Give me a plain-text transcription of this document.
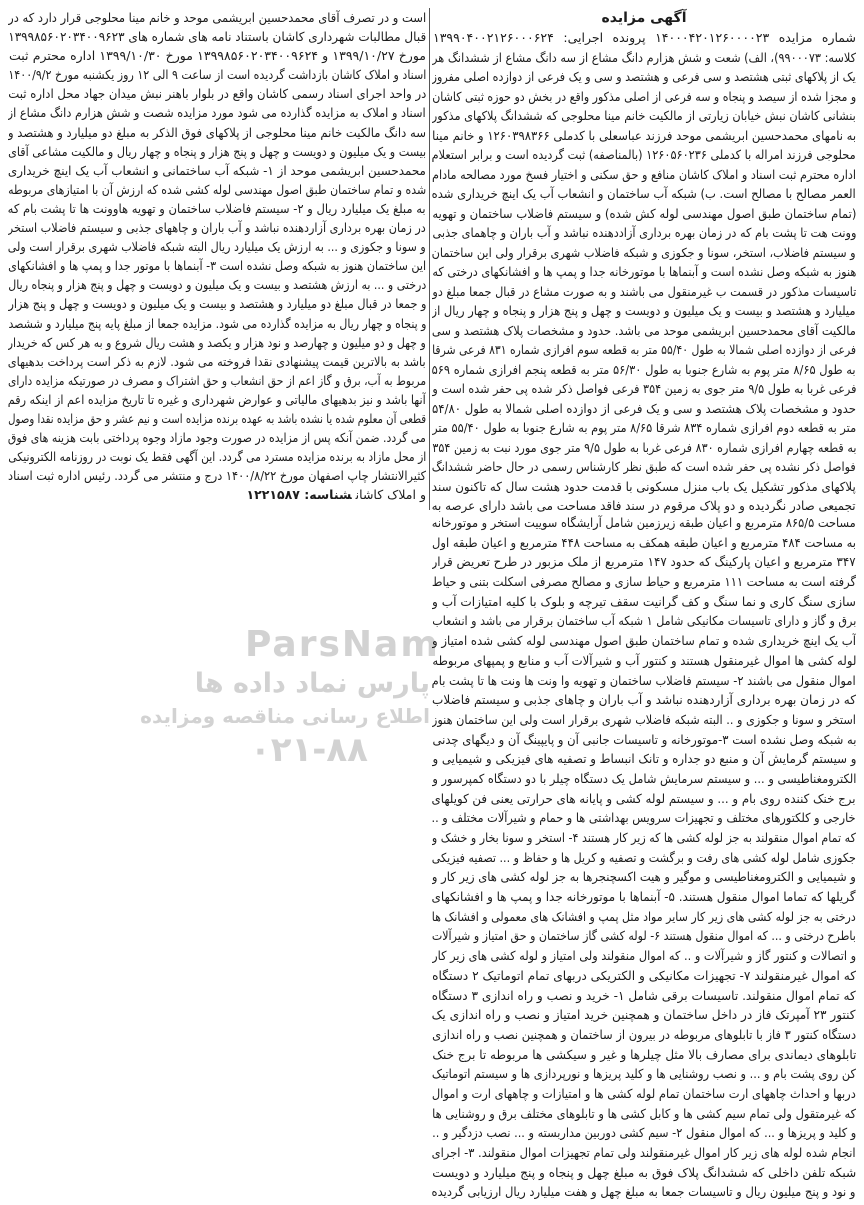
ParsNam
پارس نماد داده ها
اطلاع رسانی مناقصه ومزایده
۰۲۱-۸۸
آگهی مزایده
شماره مزایده ۱۴۰۰۰۴۲۰۱۲۶۰۰۰۰۲۳ پرونده اجرایی: ۱۳۹۹۰۴۰۰۲۱۲۶۰۰۰۶۲۴
کلاسه: ۹۹۰۰۰۷۳)، الف) شعت و شش هزارم دانگ مشاع از سه دانگ مشاع از ششدانگ هر
یک از پلاکهای ثبتی هشتصد و سی فرعی و هشتصد و سی و یک فرعی از دوازده اصلی مفروز
و مجزا شده از سیصد و پنجاه و سه فرعی از اصلی مذکور واقع در بخش دو حوزه ثبتی کاشان
بنشانی کاشان نبش خیابان زیارتی از مالکیت خانم مینا محلوجی که ششدانگ پلاکهای مذکور
به نامهای محمدحسین ابریشمی موحد فرزند عباسعلی با کدملی ۱۲۶۰۳۹۸۳۶۶ و خانم مینا
محلوجی فرزند امراله با کدملی ۱۲۶۰۵۶۰۲۳۶ (بالمناصفه) ثبت گردیده است و برابر استعلام
اداره محترم ثبت اسناد و املاک کاشان منافع و حق سکنی و اختیار فسخ مورد مصالحه مادام
العمر مصالح با مصالح است. ب) شبکه آب ساختمان و انشعاب آب یک اینچ خریداری شده
(تمام ساختمان طبق اصول مهندسی لوله کش شده) و سیستم فاضلاب ساختمان و تهویه
وونت هت تا پشت بام که در زمان بهره برداری آزاددهنده نباشد و آب باران و چاهمای جذبی
و سیستم فاضلاب، استخر، سونا و جکوزی و شبکه فاضلاب شهری برقرار ولی این ساختمان
هنوز به شبکه وصل نشده است و آبنماها با موتورخانه جدا و پمپ ها و افشانکهای درختی که
تاسیسات مذکور در قسمت ب غیرمنقول می باشند و به صورت مشاع در قبال جمعا مبلغ دو
میلیارد و هشتصد و بیست و یک میلیون و دویست و چهل و پنج هزار و پنجاه و چهار ریال از
مالکیت آقای محمدحسین ابریشمی موحد می باشد. حدود و مشخصات پلاک هشتصد و سی
فرعی از دوازده اصلی شمالا به طول ۵۵/۴۰ متر به قطعه سوم افرازی شماره ۸۳۱ فرعی شرقا
به طول ۸/۶۵ متر پوم به شارع جنوبا به طول ۵۶/۳۰ متر به قطعه پنجم افرازی شماره ۵۶۹
فرعی غربا به طول ۹/۵ متر جوی به زمین ۳۵۴ فرعی فواصل ذکر شده پی حفر شده است و
حدود و مشخصات پلاک هشتصد و سی و یک فرعی از دوازده اصلی شمالا به طول ۵۴/۸۰
متر به قطعه دوم افرازی شماره ۸۳۴ شرقا ۸/۶۵ متر پوم به شارع جنوبا به طول ۵۵/۴۰ متر
به قطعه چهارم افرازی شماره ۸۳۰ فرعی غربا به طول ۹/۵ متر جوی مورد نبت به زمین ۳۵۴
فواصل ذکر نشده پی حفر شده است که طبق نظر کارشناس رسمی در حال حاضر ششدانگ
پلاکهای مذکور تشکیل یک باب منزل مسکونی با قدمت حدود هشت سال که تاکنون سند
تجمیعی صادر نگردیده و دو پلاک مرقوم در سند فاقد مساحت می باشد دارای عرصه به
است و در تصرف آقای محمدحسین ابریشمی موحد و خانم مینا محلوجی قرار دارد که در
قبال مطالبات شهرداری کاشان باستناد نامه های شماره های ۱۳۹۹۸۵۶۰۲۰۳۴۰۰۹۶۲۳
مورخ ۱۳۹۹/۱۰/۲۷ و ۱۳۹۹۸۵۶۰۲۰۳۴۰۰۹۶۲۴ مورخ ۱۳۹۹/۱۰/۳۰ اداره محترم ثبت
اسناد و املاک کاشان بازداشت گردیده است از ساعت ۹ الی ۱۲ روز یکشنبه مورخ ۱۴۰۰/۹/۲
در واحد اجرای اسناد رسمی کاشان واقع در بلوار باهنر نبش میدان جهاد محل اداره ثبت
اسناد و املاک به مزایده گذارده می شود مورد مزایده شصت و شش هزارم دانگ مشاع از
سه دانگ مالکیت خانم مینا محلوجی از پلاکهای فوق الذکر به مبلغ دو میلیارد و هشتصد و
بیست و یک میلیون و دویست و چهل و پنج هزار و پنجاه و چهار ریال و مالکیت مشاعی آقای
محمدحسین ابریشمی موحد از ۱- شبکه آب ساختمانی و انشعاب آب یک اینچ خریداری
شده و تمام ساختمان طبق اصول مهندسی لوله کشی شده که ارزش آن با امتیازهای مربوطه
به مبلغ یک میلیارد ریال و ۲- سیستم فاضلاب ساختمان و تهویه هاوونت ها تا پشت بام که
در زمان بهره برداری آزاردهنده نباشد و آب باران و چاههای جذبی و سیستم فاضلاب استخر
و سونا و جکوزی و ... به ارزش یک میلیارد ریال البته شبکه فاضلاب شهری برقرار است ولی
این ساختمان هنوز به شبکه وصل نشده است ۳- آبنماها با موتور جدا و پمپ ها و افشانکهای
درختی و ... به ارزش هشتصد و بیست و یک میلیون و دویست و چهل و پنج هزار و پنجاه ریال
و جمعا در قبال مبلغ دو میلیارد و هشتصد و بیست و یک میلیون و دویست و چهل و پنج هزار
و پنجاه و چهار ریال به مزایده گذارده می شود. مزایده جمعا از مبلغ پایه پنج میلیارد و ششصد
و چهل و دو میلیون و چهارصد و نود هزار و یکصد و هشت ریال شروع و به هر کس که خریدار
باشد به بالاترین قیمت پیشنهادی نقدا فروخته می شود. لازم به ذکر است پرداخت بدهیهای
مربوط به آب، برق و گاز اعم از حق انشعاب و حق اشتراک و مصرف در صورتیکه مزایده دارای
آنها باشد و نیز بدهیهای مالیاتی و عوارض شهرداری و غیره تا تاریخ مزایده اعم از اینکه رقم
قطعی آن معلوم شده یا نشده باشد به عهده برنده مزایده است و نیم عشر و حق مزایده نقدا وصول
می گردد. ضمن آنکه پس از مزایده در صورت وجود مازاد وجوه پرداختی بابت هزینه های فوق
از محل مازاد به برنده مزایده مسترد می گردد. این آگهی فقط یک نوبت در روزنامه الکترونیکی
کثیرالانتشار چاپ اصفهان مورخ ۱۴۰۰/۸/۲۲ درج و منتشر می گردد. رئیس اداره ثبت اسناد
و املاک کاشانشناسه: ۱۲۲۱۵۸۷
مساحت ۸۶۵/۵ مترمربع و اعیان طبقه زیرزمین شامل آرایشگاه سوییت استخر و موتورخانه
به مساحت ۴۸۴ مترمربع و اعیان طبقه همکف به مساحت ۴۴۸ مترمربع و اعیان طبقه اول
۳۴۷ مترمربع و اعیان پارکینگ که حدود ۱۴۷ مترمربع از ملک مزبور در طرح تعریض قرار
گرفته است به مساحت ۱۱۱ مترمربع و حیاط سازی و مصالح مصرفی اسکلت بتنی و حیاط
سازی سنگ کاری و نما سنگ و کف گرانیت سقف تیرچه و بلوک با کلیه امتیازات آب و
برق و گاز و دارای تاسیسات مکانیکی شامل ۱ شبکه آب ساختمان برقرار می باشد و انشعاب
آب یک اینچ خریداری شده و تمام ساختمان طبق اصول مهندسی لوله کشی شده امتیاز و
لوله کشی ها اموال غیرمنقول هستند و کنتور آب و شیرآلات آب و منابع و پمپهای مربوطه
اموال منقول می باشند ۲- سیستم فاضلاب ساختمان و تهویه وا ونت ها ونت ها تا پشت بام
که در زمان بهره برداری آزاردهنده نباشد و آب باران و چاهای جذبی و سیستم فاضلاب
استخر و سونا و جکوزی و .. البته شبکه فاضلاب شهری برقرار است ولی این ساختمان هنوز
به شبکه وصل نشده است ۳-موتورخانه و تاسیسات جانبی آن و پایپینگ آن و دیگهای چدنی
و سیستم گرمایش آن و منبع دو جداره و تانک انبساط و تصفیه های فیزیکی و شیمیایی و
الکترومغناطیسی و ... و سیستم سرمایش شامل یک دستگاه چیلر با دو دستگاه کمپرسور و
برج خنک کننده روی بام و ... و سیستم لوله کشی و پایانه های حرارتی یعنی فن کویلهای
خارجی و کلکتورهای مختلف و تجهیزات سرویس بهداشتی ها و حمام و شیرآلات مختلف و ..
که تمام اموال منقولند به جز لوله کشی ها که زیر کار هستند ۴- استخر و سونا بخار و خشک و
جکوزی شامل لوله کشی های رفت و برگشت و تصفیه و کریل ها و حفاظ و ... تصفیه فیزیکی
و شیمیایی و الکترومغناطیسی و موگیر و هیت اکسچنجرها به جز لوله کشی های زیر کار و
گریلها که تماما اموال منقول هستند. ۵- آبنماها با موتورخانه جدا و پمپ ها و افشانکهای
درختی به جز لوله کشی های زیر کار سایر مواد مثل پمپ و افشانک های معمولی و افشانک ها
باطرح درختی و ... که اموال منقول هستند ۶- لوله کشی گاز ساختمان و حق امتیاز و شیرآلات
و اتصالات و کنتور گاز و شیرآلات و .. که اموال منقولند ولی امتیاز و لوله کشی های زیر کار
که اموال غیرمنقولند ۷- تجهیزات مکانیکی و الکتریکی دربهای تمام اتوماتیک ۲ دستگاه
که تمام اموال منقولند. تاسیسات برقی شامل ۱- خرید و نصب و راه اندازی ۳ دستگاه
کنتور ۲۳ آمپرتک فاز در داخل ساختمان و همچنین خرید امتیاز و نصب و راه اندازی یک
دستگاه کنتور ۳ فاز با تابلوهای مربوطه در بیرون از ساختمان و همچنین نصب و راه اندازی
تابلوهای دیماندی برای مصارف بالا مثل چیلرها و غیر و سیکشی ها مربوطه تا برج خنک
کن روی پشت بام و ... و نصب روشنایی ها و کلید پریزها و نورپردازی ها و سیستم اتوماتیک
دربها و احداث چاههای ارت ساختمان تمام لوله کشی ها و امتیازات و چاههای ارت و اموال
که غیرمتقول ولی تمام سیم کشی ها و کابل کشی ها و تابلوهای مختلف برق و روشنایی ها
و کلید و پریزها و ... که اموال منقول ۲- سیم کشی دوربین مداربسته و ... نصب دزدگیر و ..
انجام شده لوله های زیر کار اموال غیرمنقولند ولی تمام تجهیزات اموال منقولند. ۳- اجرای
شبکه تلفن داخلی که ششدانگ پلاک فوق به مبلغ چهل و پنجاه و پنج میلیارد و دویست
و نود و پنج میلیون ریال و تاسیسات جمعا به مبلغ چهل و هفت میلیارد ریال ارزیابی گردیده
